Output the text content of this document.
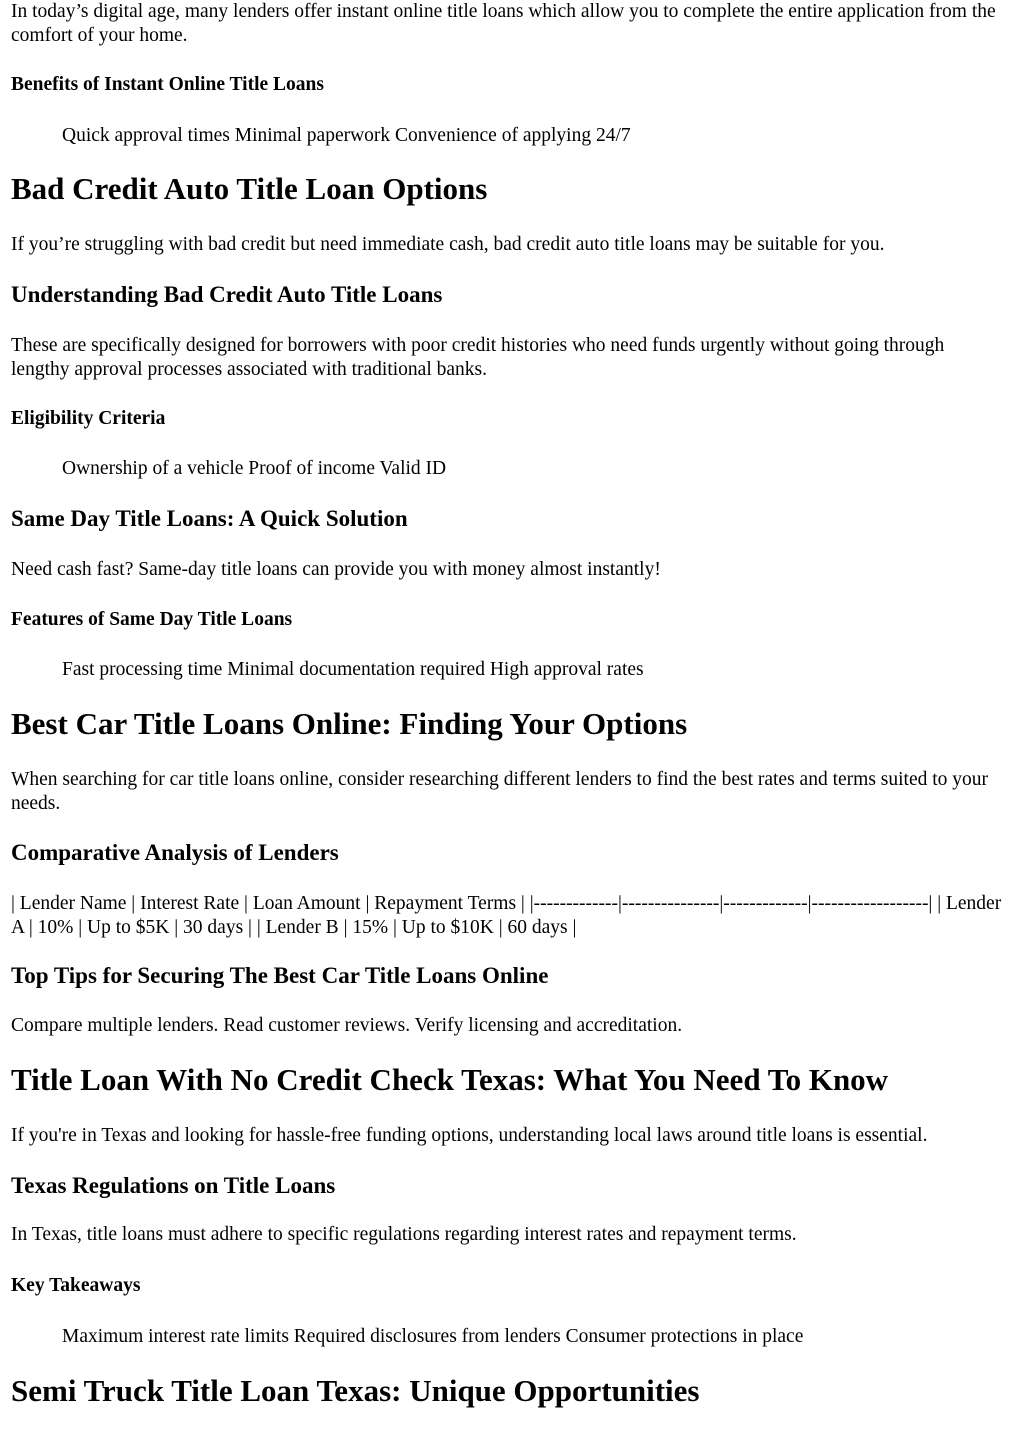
In today’s digital age, many lenders offer instant online title loans which allow you to complete the entire application from the comfort of your home.

Benefits of Instant Online Title Loans
Quick approval times Minimal paperwork Convenience of applying 24/7
Bad Credit Auto Title Loan Options

If you’re struggling with bad credit but need immediate cash, bad credit auto title loans may be suitable for you.

Understanding Bad Credit Auto Title Loans

These are specifically designed for borrowers with poor credit histories who need funds urgently without going through lengthy approval processes associated with traditional banks.

Eligibility Criteria
Ownership of a vehicle Proof of income Valid ID
Same Day Title Loans: A Quick Solution

Need cash fast? Same-day title loans can provide you with money almost instantly!

Features of Same Day Title Loans
Fast processing time Minimal documentation required High approval rates
Best Car Title Loans Online: Finding Your Options

When searching for car title loans online, consider researching different lenders to find the best rates and terms suited to your needs.

Comparative Analysis of Lenders

| Lender Name | Interest Rate | Loan Amount | Repayment Terms | |-------------|---------------|-------------|------------------| | Lender A | 10% | Up to $5K | 30 days | | Lender B | 15% | Up to $10K | 60 days |

Top Tips for Securing The Best Car Title Loans Online

Compare multiple lenders. Read customer reviews. Verify licensing and accreditation.

Title Loan With No Credit Check Texas: What You Need To Know

If you're in Texas and looking for hassle-free funding options, understanding local laws around title loans is essential.

Texas Regulations on Title Loans

In Texas, title loans must adhere to specific regulations regarding interest rates and repayment terms.

Key Takeaways
Maximum interest rate limits Required disclosures from lenders Consumer protections in place
Semi Truck Title Loan Texas: Unique Opportunities
